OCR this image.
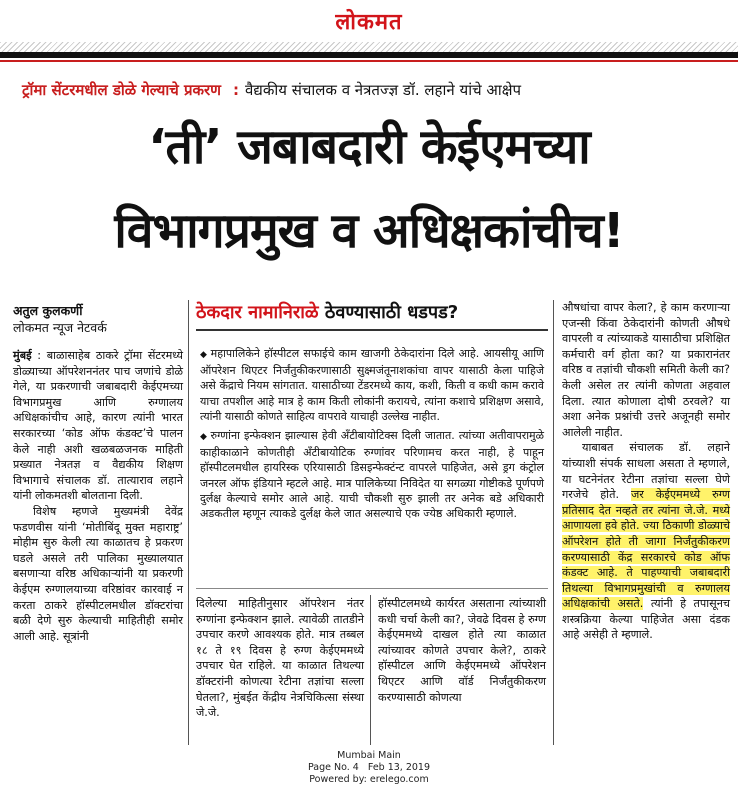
लोकमत
ट्रॉमा सेंटरमधील डोळे गेल्याचे प्रकरण : वैद्यकीय संचालक व नेत्रतज्ज्ञ डॉ. लहाने यांचे आक्षेप
‘ती’ जबाबदारी केईएमच्या
विभागप्रमुख व अधिक्षकांचीच!
अतुल कुलकर्णी
लोकमत न्यूज नेटवर्क
मुंबई : बाळासाहेब ठाकरे ट्रॉमा सेंटरमध्ये डोळ्याच्या ऑपरेशननंतर पाच जणांचे डोळे गेले, या प्रकरणाची जबाबदारी केईएमच्या विभागप्रमुख आणि रुग्णालय अधिक्षकांचीच आहे, कारण त्यांनी भारत सरकारच्या ‘कोड ऑफ कंडक्ट’चे पालन केले नाही अशी खळबळजनक माहिती प्रख्यात नेत्रतज्ञ व वैद्यकीय शिक्षण विभागाचे संचालक डॉ. तात्याराव लहाने यांनी लोकमतशी बोलताना दिली.
विशेष म्हणजे मुख्यमंत्री देवेंद्र फडणवीस यांनी ‘मोतीबिंदू मुक्त महाराष्ट्र’ मोहीम सुरु केली त्या काळातच हे प्रकरण घडले असले तरी पालिका मुख्यालयात बसणाऱ्या वरिष्ठ अधिकाऱ्यांनी या प्रकरणी केईएम रुग्णालयाच्या वरिष्ठांवर कारवाई न करता ठाकरे हॉस्पीटलमधील डॉक्टरांचा बळी देणे सुरु केल्याची माहितीही समोर आली आहे. सूत्रांनी
ठेकदार नामानिराळे ठेवण्यासाठी धडपड?
◆ महापालिकेने हॉस्पीटल सफाईचे काम खाजगी ठेकेदारांना दिले आहे. आयसीयू आणि ऑपरेशन थिएटर निर्जंतुकीकरणासाठी सुक्ष्मजंतूनाशकांचा वापर यासाठी केला पाहिजे असे केंद्राचे नियम सांगतात. यासाठीच्या टेंडरमध्ये काय, कशी, किती व कधी काम करावे याचा तपशील आहे मात्र हे काम किती लोकांनी करायचे, त्यांना कशाचे प्रशिक्षण असावे, त्यांनी यासाठी कोणते साहित्य वापरावे याचाही उल्लेख नाहीत.
◆ रुग्णांना इन्फेक्शन झाल्यास हेवी अँटीबायोटिक्स दिली जातात. त्यांच्या अतीवापरामुळे काहीकाळाने कोणतीही अँटीबायोटिक रुग्णांवर परिणामच करत नाही, हे पाहून हॉस्पीटलमधील हायरिस्क एरियासाठी डिसइन्फेक्टंन्ट वापरले पाहिजेत, असे ड्रग कंट्रोल जनरल ऑफ इंडियाने म्हटले आहे. मात्र पालिकेच्या निविदेत या सगळ्या गोष्टीकडे पूर्णपणे दुर्लक्ष केल्याचे समोर आले आहे. याची चौकशी सुरु झाली तर अनेक बडे अधिकारी अडकतील म्हणून त्याकडे दुर्लक्ष केले जात असल्याचे एक ज्येष्ठ अधिकारी म्हणाले.
दिलेल्या माहितीनुसार ऑपरेशन नंतर रुग्णांना इन्फेक्शन झाले. त्यावेळी तातडीने उपचार करणे आवश्यक होते. मात्र तब्बल १८ ते १९ दिवस हे रुग्ण केईएममध्ये उपचार घेत राहिले. या काळात तिथल्या डॉक्टरांनी कोणत्या रेटीना तज्ञांचा सल्ला घेतला?, मुंबईत केंद्रीय नेत्रचिकित्सा संस्था जे.जे.
हॉस्पीटलमध्ये कार्यरत असताना त्यांच्याशी कधी चर्चा केली का?, जेवढे दिवस हे रुग्ण केईएममध्ये दाखल होते त्या काळात त्यांच्यावर कोणते उपचार केले?, ठाकरे हॉस्पीटल आणि केईएममध्ये ऑपरेशन थिएटर आणि वॉर्ड निर्जंतुकीकरण करण्यासाठी कोणत्या
औषधांचा वापर केला?, हे काम करणाऱ्या एजन्सी किंवा ठेकेदारांनी कोणती औषधे वापरली व त्यांच्याकडे यासाठीचा प्रशिक्षित कर्मचारी वर्ग होता का? या प्रकारानंतर वरिष्ठ व तज्ञांची चौकशी समिती केली का? केली असेल तर त्यांनी कोणता अहवाल दिला. त्यात कोणाला दोषी ठरवले? या अशा अनेक प्रश्नांची उत्तरे अजूनही समोर आलेली नाहीत.
याबाबत संचालक डॉ. लहाने यांच्याशी संपर्क साधला असता ते म्हणाले, या घटनेनंतर रेटीना तज्ञांचा सल्ला घेणे गरजेचे होते. जर केईएममध्ये रुग्ण प्रतिसाद देत नव्हते तर त्यांना जे.जे. मध्ये आणायला हवे होते. ज्या ठिकाणी डोळ्याचे ऑपरेशन होते ती जागा निर्जंतुकीकरण करण्यासाठी केंद्र सरकारचे कोड ऑफ कंडक्ट आहे. ते पाहण्याची जबाबदारी तिथल्या विभागप्रमुखांची व रुग्णालय अधिक्षकांची असते. त्यांनी हे तपासूनच शस्त्रक्रिया केल्या पाहिजेत असा दंडक आहे असेही ते म्हणाले.
Mumbai Main
Page No. 4 Feb 13, 2019
Powered by: erelego.com
